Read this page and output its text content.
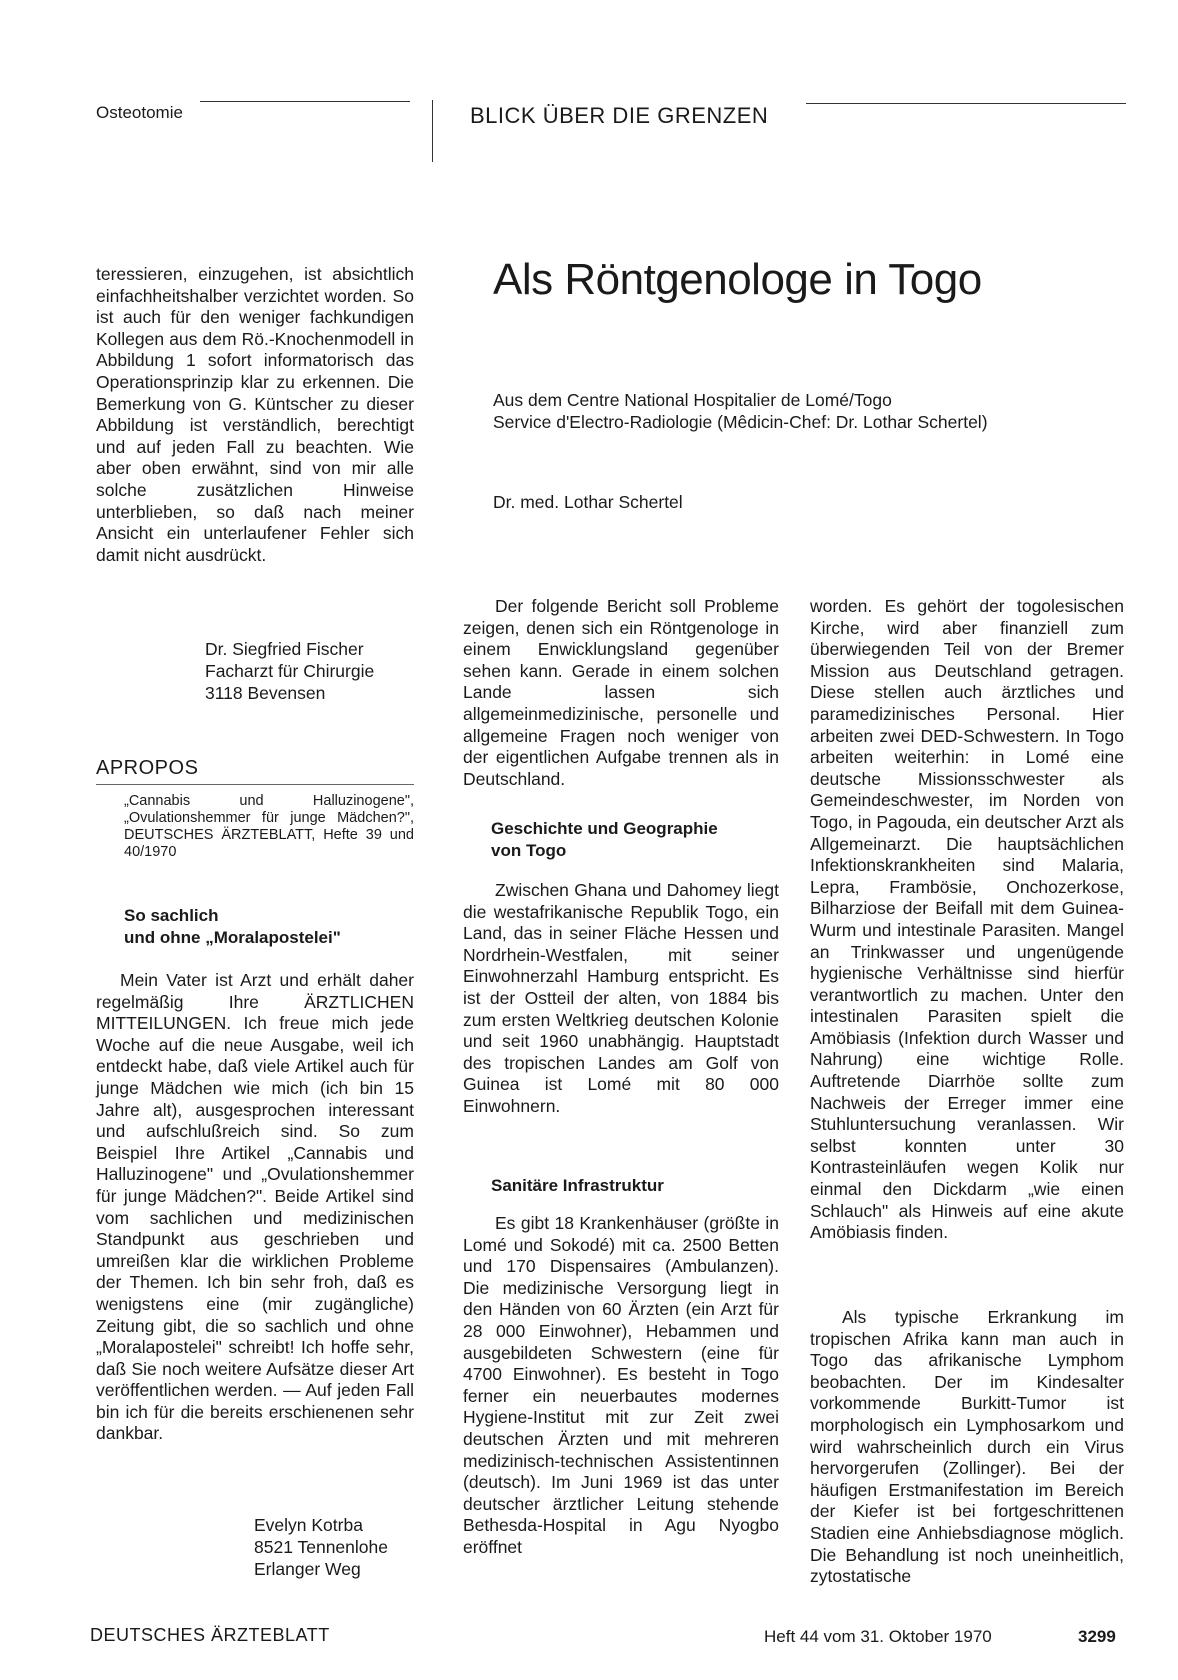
Osteotomie	BLICK ÜBER DIE GRENZEN
Als Röntgenologe in Togo
Aus dem Centre National Hospitalier de Lomé/Togo
Service d'Electro-Radiologie (Mêdicin-Chef: Dr. Lothar Schertel)
Dr. med. Lothar Schertel

teressieren, einzugehen, ist absichtlich einfachheitshalber verzichtet worden. So ist auch für den weniger fachkundigen Kollegen aus dem Rö.-Knochenmodell in Abbildung 1 sofort informatorisch das Operationsprinzip klar zu erkennen. Die Bemerkung von G. Küntscher zu dieser Abbildung ist verständlich, berechtigt und auf jeden Fall zu beachten. Wie aber oben erwähnt, sind von mir alle solche zusätzlichen Hinweise unterblieben, so daß nach meiner Ansicht ein unterlaufener Fehler sich damit nicht ausdrückt.

Dr. Siegfried Fischer
Facharzt für Chirurgie
3118 Bevensen
APROPOS
„Cannabis und Halluzinogene", „Ovulationshemmer für junge Mädchen?", DEUTSCHES ÄRZTEBLATT, Hefte 39 und 40/1970
So sachlich
und ohne „Moralapostelei"

Mein Vater ist Arzt und erhält daher regelmäßig Ihre ÄRZTLICHEN MITTEILUNGEN. Ich freue mich jede Woche auf die neue Ausgabe, weil ich entdeckt habe, daß viele Artikel auch für junge Mädchen wie mich (ich bin 15 Jahre alt), ausgesprochen interessant und aufschlußreich sind. So zum Beispiel Ihre Artikel „Cannabis und Halluzinogene" und „Ovulationshemmer für junge Mädchen?". Beide Artikel sind vom sachlichen und medizinischen Standpunkt aus geschrieben und umreißen klar die wirklichen Probleme der Themen. Ich bin sehr froh, daß es wenigstens eine (mir zugängliche) Zeitung gibt, die so sachlich und ohne „Moralapostelei" schreibt! Ich hoffe sehr, daß Sie noch weitere Aufsätze dieser Art veröffentlichen werden. — Auf jeden Fall bin ich für die bereits erschienenen sehr dankbar.

Evelyn Kotrba
8521 Tennenlohe
Erlanger Weg

Der folgende Bericht soll Probleme zeigen, denen sich ein Röntgenologe in einem Enwicklungsland gegenüber sehen kann. Gerade in einem solchen Lande lassen sich allgemeinmedizinische, personelle und allgemeine Fragen noch weniger von der eigentlichen Aufgabe trennen als in Deutschland.

Geschichte und Geographie
von Togo

Zwischen Ghana und Dahomey liegt die westafrikanische Republik Togo, ein Land, das in seiner Fläche Hessen und Nordrhein-Westfalen, mit seiner Einwohnerzahl Hamburg entspricht. Es ist der Ostteil der alten, von 1884 bis zum ersten Weltkrieg deutschen Kolonie und seit 1960 unabhängig. Hauptstadt des tropischen Landes am Golf von Guinea ist Lomé mit 80 000 Einwohnern.

Sanitäre Infrastruktur

Es gibt 18 Krankenhäuser (größte in Lomé und Sokodé) mit ca. 2500 Betten und 170 Dispensaires (Ambulanzen). Die medizinische Versorgung liegt in den Händen von 60 Ärzten (ein Arzt für 28 000 Einwohner), Hebammen und ausgebildeten Schwestern (eine für 4700 Einwohner). Es besteht in Togo ferner ein neuerbautes modernes Hygiene-Institut mit zur Zeit zwei deutschen Ärzten und mit mehreren medizinisch-technischen Assistentinnen (deutsch). Im Juni 1969 ist das unter deutscher ärztlicher Leitung stehende Bethesda-Hospital in Agu Nyogbo eröffnet

worden. Es gehört der togolesischen Kirche, wird aber finanziell zum überwiegenden Teil von der Bremer Mission aus Deutschland getragen. Diese stellen auch ärztliches und paramedizinisches Personal. Hier arbeiten zwei DED-Schwestern. In Togo arbeiten weiterhin: in Lomé eine deutsche Missionsschwester als Gemeindeschwester, im Norden von Togo, in Pagouda, ein deutscher Arzt als Allgemeinarzt. Die hauptsächlichen Infektionskrankheiten sind Malaria, Lepra, Frambösie, Onchozerkose, Bilharziose der Beifall mit dem Guinea-Wurm und intestinale Parasiten. Mangel an Trinkwasser und ungenügende hygienische Verhältnisse sind hierfür verantwortlich zu machen. Unter den intestinalen Parasiten spielt die Amöbiasis (Infektion durch Wasser und Nahrung) eine wichtige Rolle. Auftretende Diarrhöe sollte zum Nachweis der Erreger immer eine Stuhluntersuchung veranlassen. Wir selbst konnten unter 30 Kontrasteinläufen wegen Kolik nur einmal den Dickdarm „wie einen Schlauch" als Hinweis auf eine akute Amöbiasis finden.

Als typische Erkrankung im tropischen Afrika kann man auch in Togo das afrikanische Lymphom beobachten. Der im Kindesalter vorkommende Burkitt-Tumor ist morphologisch ein Lymphosarkom und wird wahrscheinlich durch ein Virus hervorgerufen (Zollinger). Bei der häufigen Erstmanifestation im Bereich der Kiefer ist bei fortgeschrittenen Stadien eine Anhiebsdiagnose möglich. Die Behandlung ist noch uneinheitlich, zytostatische

DEUTSCHES ÄRZTEBLATT	Heft 44 vom 31. Oktober 1970	3299
